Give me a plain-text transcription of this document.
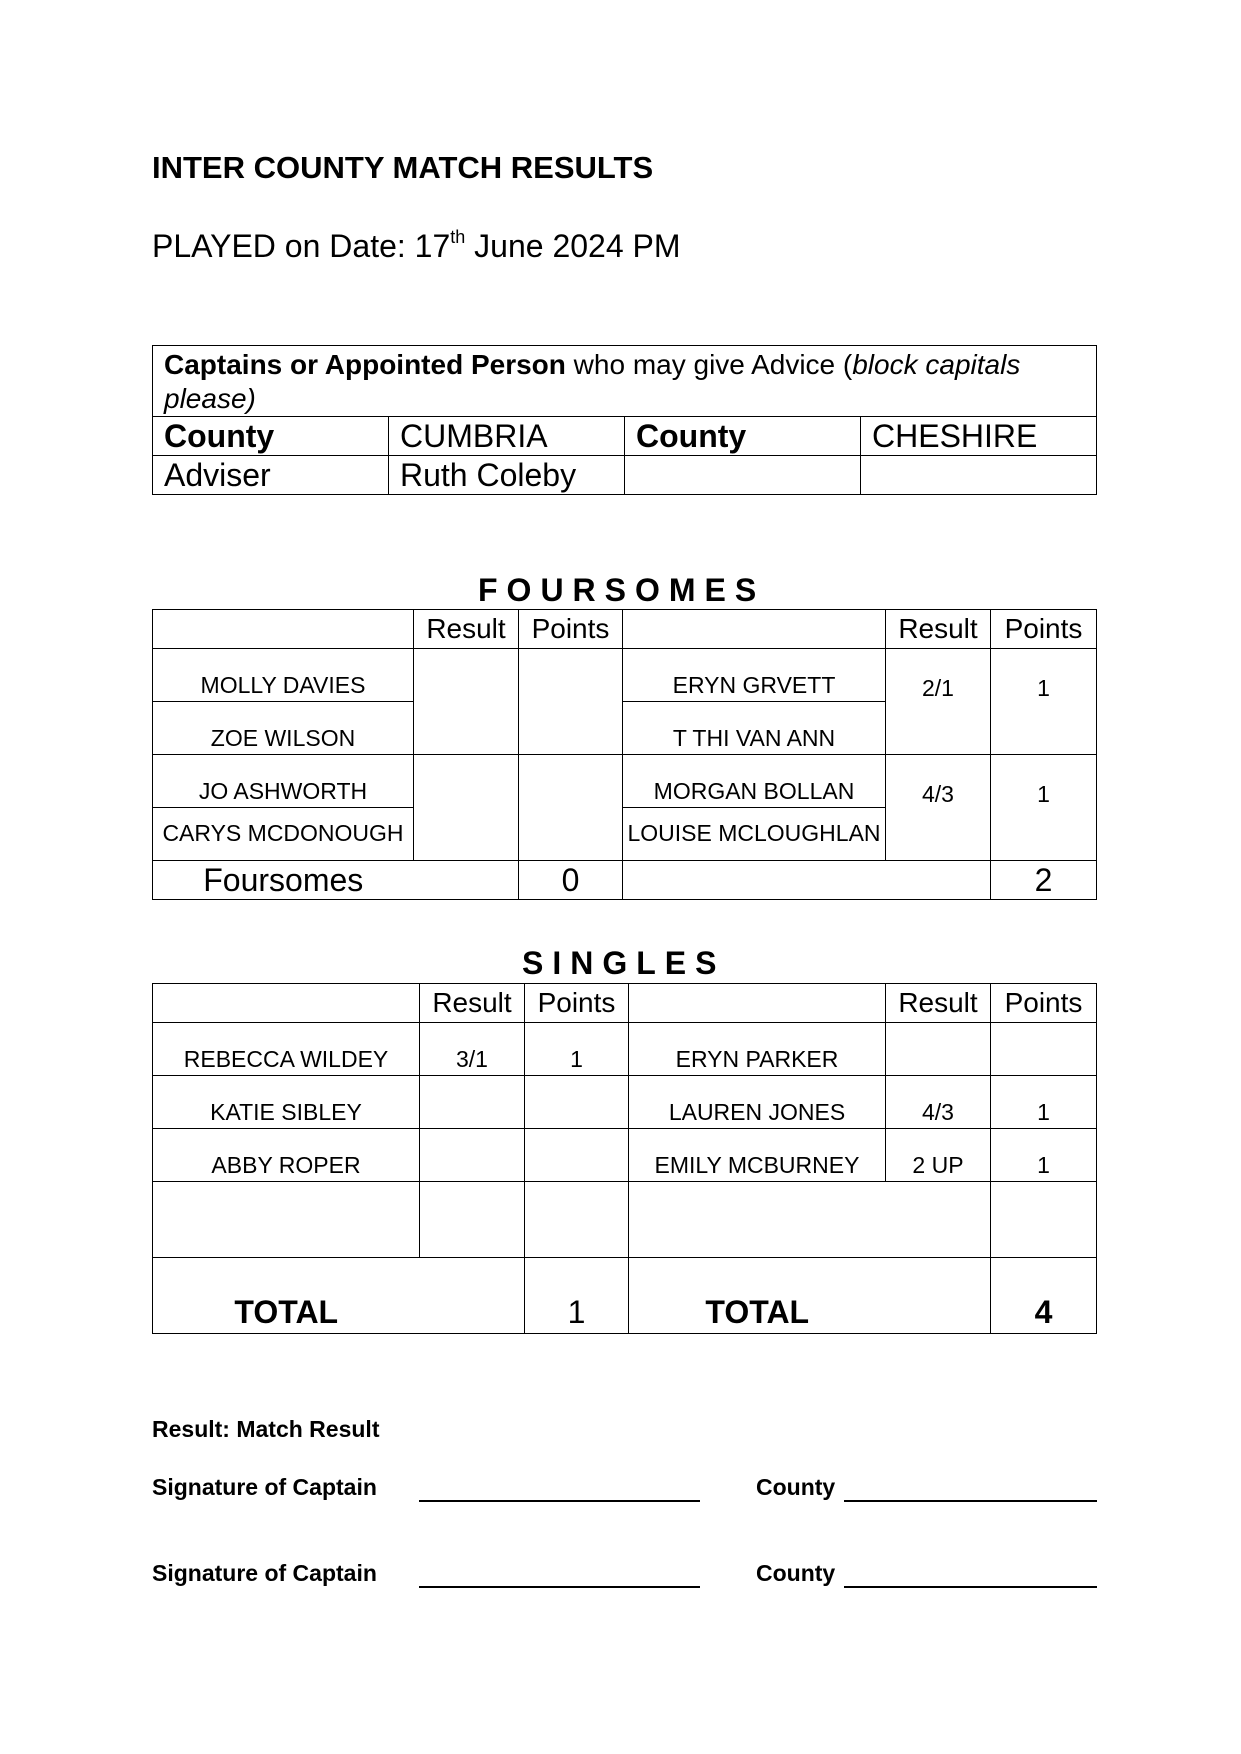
INTER COUNTY MATCH RESULTS
PLAYED on Date: 17th June 2024 PM
Captains or Appointed Person who may give Advice (block capitals
please)			
County	CUMBRIA	County	CHESHIRE
Adviser	Ruth Coleby		
FOURSOMES
	Result	Points		Result	Points
MOLLY DAVIES			ERYN GRVETT	2/1	1
ZOE WILSON			T THI VAN ANN		
JO ASHWORTH			MORGAN BOLLAN	4/3	1
CARYS MCDONOUGH			LOUISE MCLOUGHLAN		
Foursomes		0			2
SINGLES
	Result	Points		Result	Points
REBECCA WILDEY	3/1	1	ERYN PARKER		
KATIE SIBLEY			LAUREN JONES	4/3	1
ABBY ROPER			EMILY MCBURNEY	2 UP	1

TOTAL		1	TOTAL		4
Result: Match Result
Signature of Captain	County
Signature of Captain	County
